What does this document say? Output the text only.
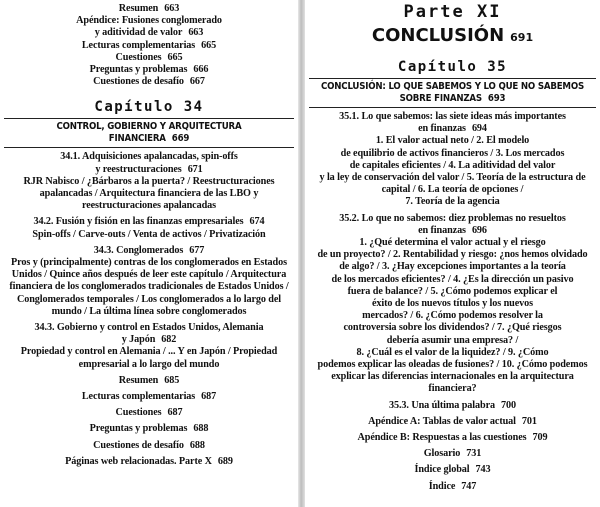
Resumen 663
Apéndice: Fusiones conglomerado
y aditividad de valor 663
Lecturas complementarias 665
Cuestiones 665
Preguntas y problemas 666
Cuestiones de desafío 667
Capítulo 34
CONTROL, GOBIERNO Y ARQUITECTURA
FINANCIERA 669
34.1. Adquisiciones apalancadas, spin-offs
y reestructuraciones 671
RJR Nabisco / ¿Bárbaros a la puerta? / Reestructuraciones
apalancadas / Arquitectura financiera de las LBO y
reestructuraciones apalancadas
34.2. Fusión y fisión en las finanzas empresariales 674
Spin-offs / Carve-outs / Venta de activos / Privatización
34.3. Conglomerados 677
Pros y (principalmente) contras de los conglomerados en Estados
Unidos / Quince años después de leer este capítulo / Arquitectura
financiera de los conglomerados tradicionales de Estados Unidos /
Conglomerados temporales / Los conglomerados a lo largo del
mundo / La última línea sobre conglomerados
34.3. Gobierno y control en Estados Unidos, Alemania
y Japón 682
Propiedad y control en Alemania / ... Y en Japón / Propiedad
empresarial a lo largo del mundo
Resumen 685
Lecturas complementarias 687
Cuestiones 687
Preguntas y problemas 688
Cuestiones de desafío 688
Páginas web relacionadas. Parte X 689
Parte XI
CONCLUSIÓN 691
Capítulo 35
CONCLUSIÓN: LO QUE SABEMOS Y LO QUE NO SABEMOS
SOBRE FINANZAS 693
35.1. Lo que sabemos: las siete ideas más importantes
en finanzas 694
1. El valor actual neto / 2. El modelo
de equilibrio de activos financieros / 3. Los mercados
de capitales eficientes / 4. La aditividad del valor
y la ley de conservación del valor / 5. Teoría de la estructura de
capital / 6. La teoría de opciones /
7. Teoría de la agencia
35.2. Lo que no sabemos: diez problemas no resueltos
en finanzas 696
1. ¿Qué determina el valor actual y el riesgo
de un proyecto? / 2. Rentabilidad y riesgo: ¿nos hemos olvidado
de algo? / 3. ¿Hay excepciones importantes a la teoría
de los mercados eficientes? / 4. ¿Es la dirección un pasivo
fuera de balance? / 5. ¿Cómo podemos explicar el
éxito de los nuevos títulos y los nuevos
mercados? / 6. ¿Cómo podemos resolver la
controversia sobre los dividendos? / 7. ¿Qué riesgos
debería asumir una empresa? /
8. ¿Cuál es el valor de la liquidez? / 9. ¿Cómo
podemos explicar las oleadas de fusiones? / 10. ¿Cómo podemos
explicar las diferencias internacionales en la arquitectura
financiera?
35.3. Una última palabra 700
Apéndice A: Tablas de valor actual 701
Apéndice B: Respuestas a las cuestiones 709
Glosario 731
Índice global 743
Índice 747
